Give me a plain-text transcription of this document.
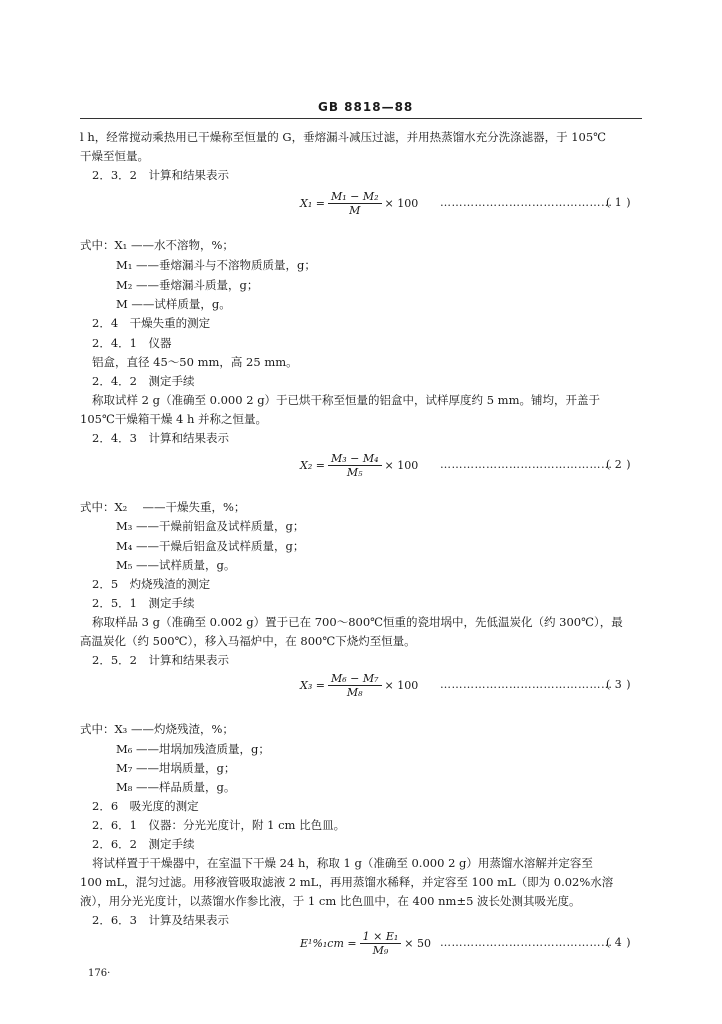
GB 8818—88
l h，经常搅动乘热用已干燥称至恒量的 G，垂熔漏斗减压过滤，并用热蒸馏水充分洗涤滤器，于 105℃
干燥至恒量。
2．3．2　计算和结果表示
式中：X₁ ——水不溶物，%；
M₁ ——垂熔漏斗与不溶物质质量，g；
M₂ ——垂熔漏斗质量，g；
M ——试样质量，g。
2．4　干燥失重的测定
2．4．1　仪器
铝盒，直径 45～50 mm，高 25 mm。
2．4．2　测定手续
称取试样 2 g（准确至 0.000 2 g）于已烘干称至恒量的铝盒中，试样厚度约 5 mm。铺均，开盖于
105℃干燥箱干燥 4 h 并称之恒量。
2．4．3　计算和结果表示
式中：X₂ 　——干燥失重，%；
M₃ ——干燥前铝盒及试样质量，g；
M₄ ——干燥后铝盒及试样质量，g；
M₅ ——试样质量，g。
2．5　灼烧残渣的测定
2．5．1　测定手续
称取样品 3 g（准确至 0.002 g）置于已在 700～800℃恒重的瓷坩埚中，先低温炭化（约 300℃），最
高温炭化（约 500℃），移入马福炉中，在 800℃下烧灼至恒量。
2．5．2　计算和结果表示
式中：X₃ ——灼烧残渣，%；
M₆ ——坩埚加残渣质量，g；
M₇ ——坩埚质量，g；
M₈ ——样品质量，g。
2．6　吸光度的测定
2．6．1　仪器：分光光度计，附 1 cm 比色皿。
2．6．2　测定手续
将试样置于干燥器中，在室温下干燥 24 h，称取 1 g（准确至 0.000 2 g）用蒸馏水溶解并定容至
100 mL，混匀过滤。用移液管吸取滤液 2 mL，再用蒸馏水稀释，并定容至 100 mL（即为 0.02%水溶
液），用分光光度计，以蒸馏水作参比液，于 1 cm 比色皿中，在 400 nm±5 波长处测其吸光度。
2．6．3　计算及结果表示
$X_1 = \frac{\text{M₁ − M₂}}{M} \times 100$ ………………………………………
( 1 )
$X_2 = \frac{\text{M₃ − M₄}}{\text{M₅}} \times 100$ ………………………………………
( 2 )
$X_3 = \frac{\text{M₆ − M₇}}{\text{M₈}} \times 100$ ………………………………………
( 3 )
$E^1\%_1cm = \frac{\text{1 × E₁}}{\text{M₉}} \times 50$ ………………………………………
( 4 )
176·
